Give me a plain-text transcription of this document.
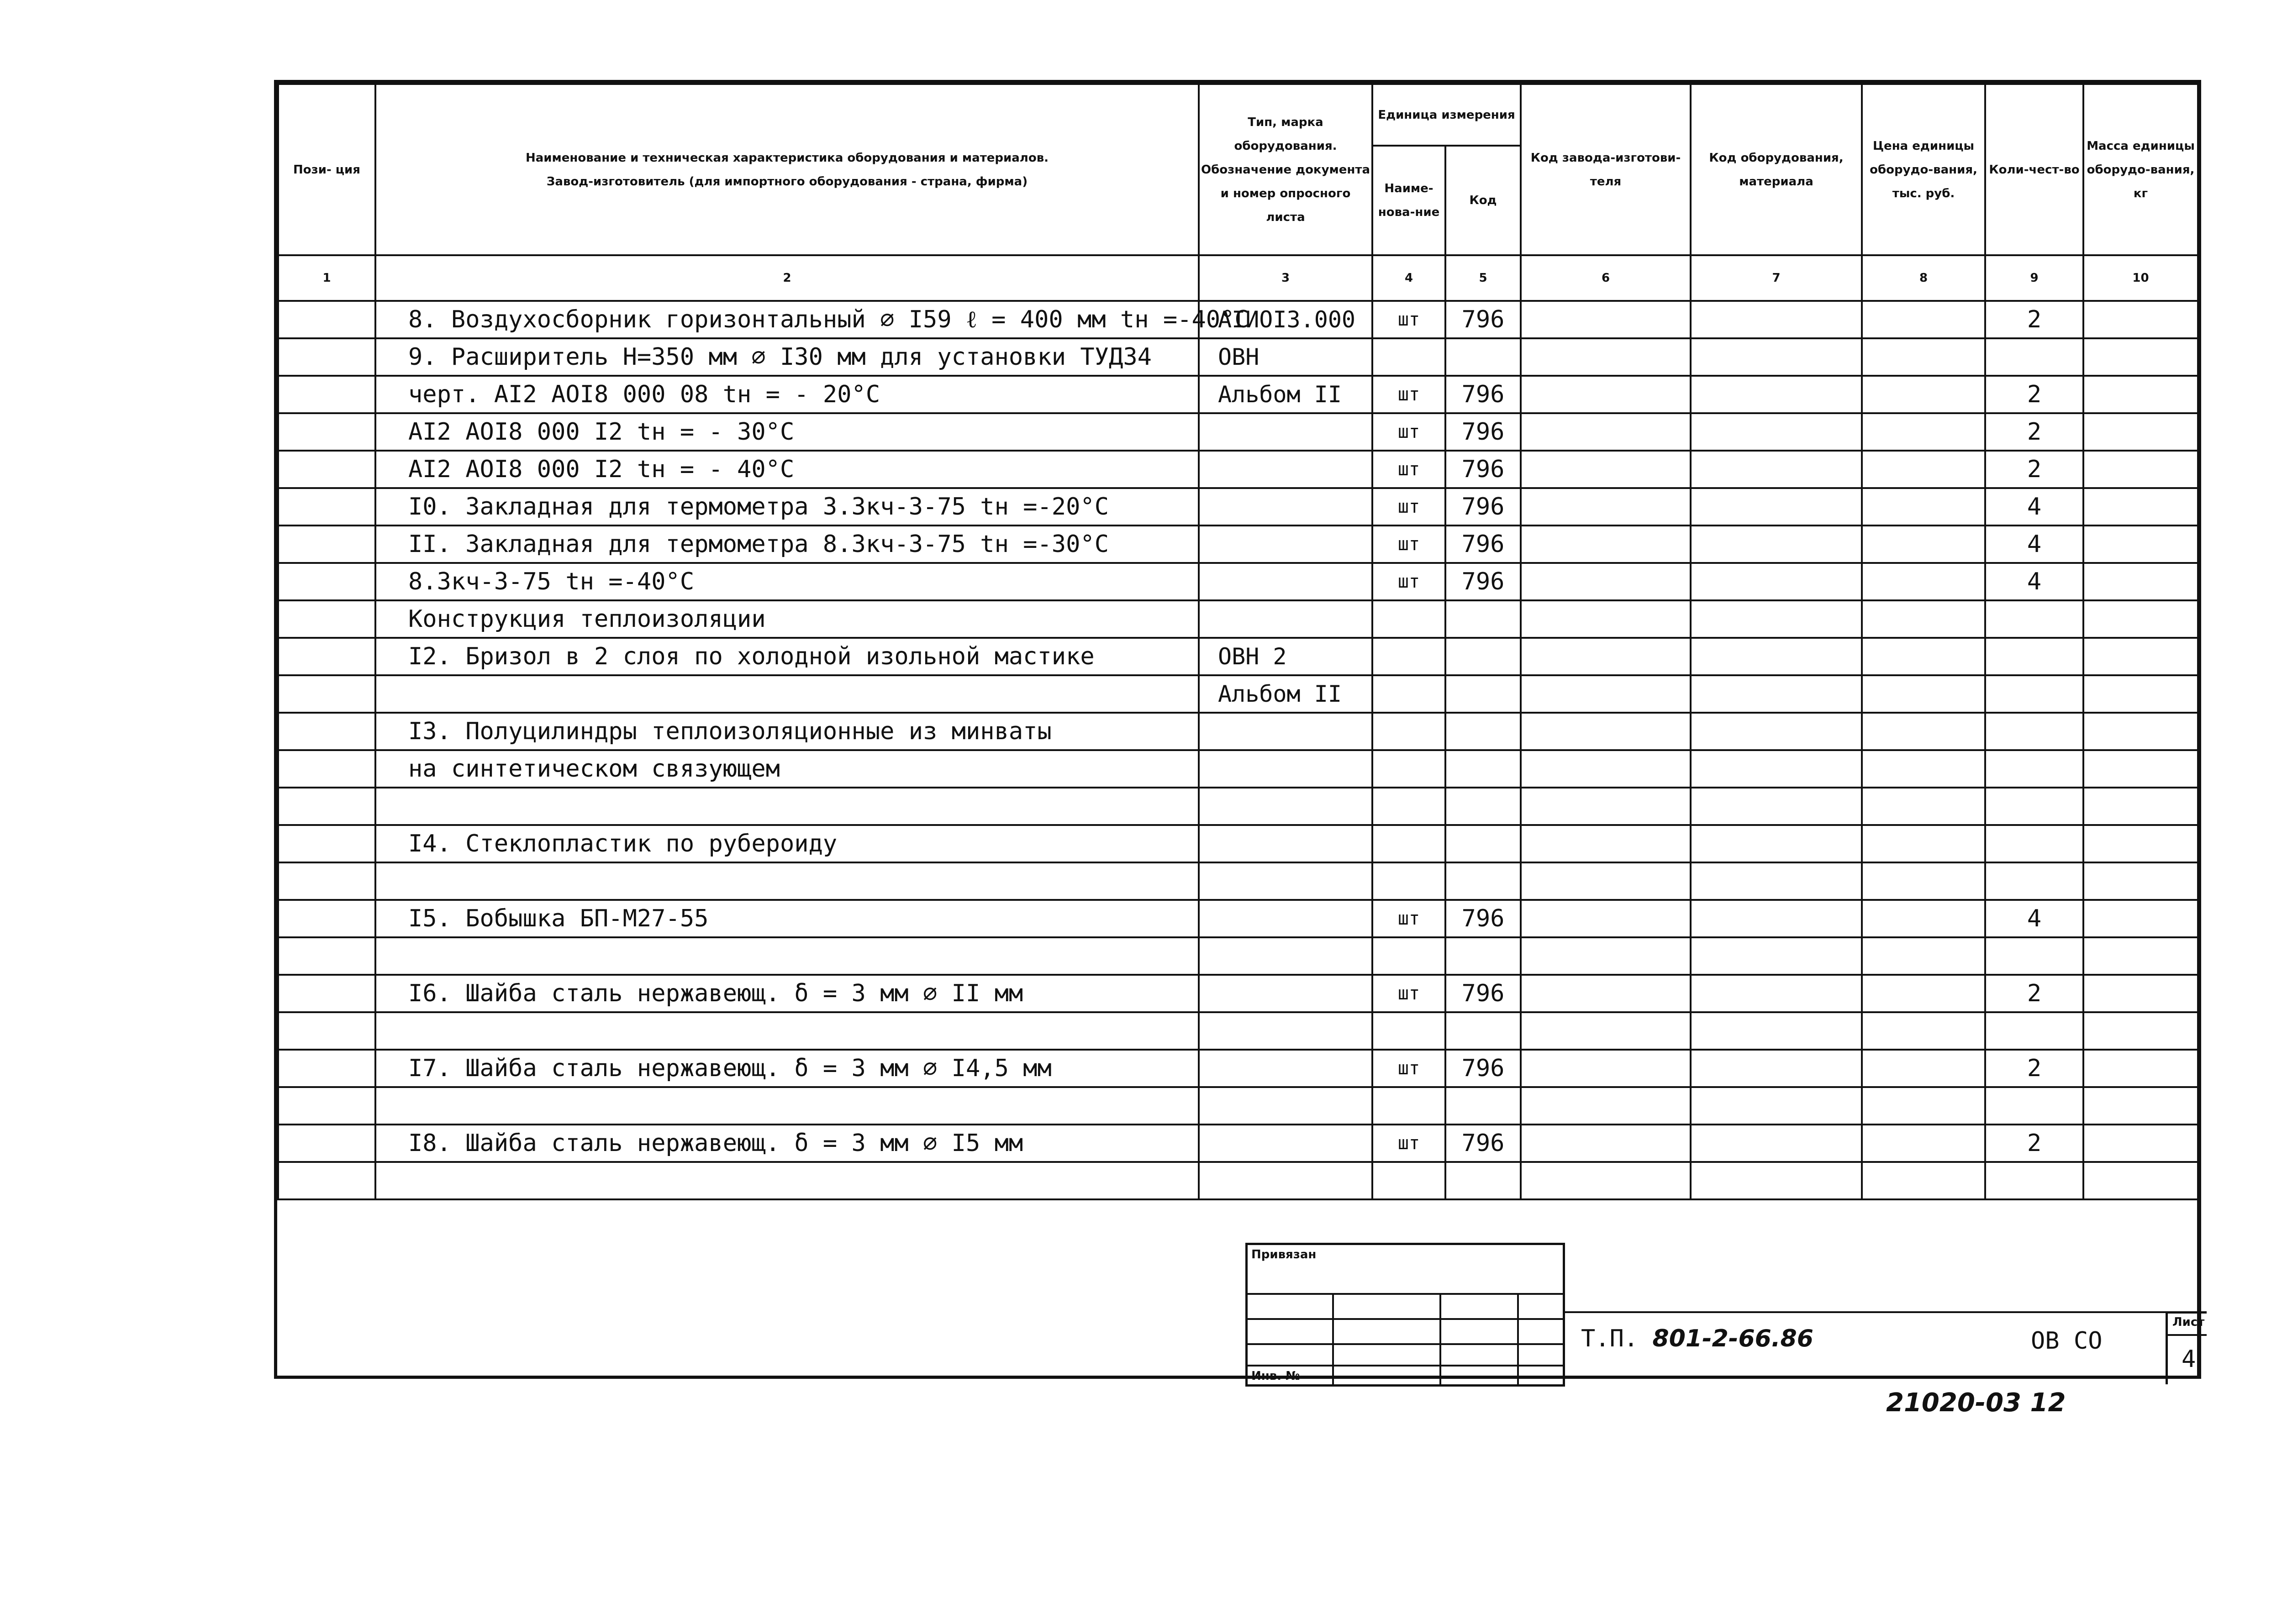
Пози- ция	Наименование и техническая характеристика оборудования и материалов.
Завод-изготовитель (для импортного оборудования - страна, фирма)	Тип, марка оборудования. Обозначение документа и номер опросного листа	Единица измерения		Код завода-изготови-теля	Код оборудования, материала	Цена единицы оборудо-вания, тыс. руб.	Коли-чест-во	Масса единицы оборудо-вания, кг
			Наиме-нова-ние	Код					
1	2	3	4	5	6	7	8	9	10
	8. Воздухосборник горизонтальный ∅ I59 ℓ = 400 мм tн =-40°C	AIИОI3.000	шт	796				2	
	9. Расширитель Н=350 мм ∅ I30 мм для установки ТУД34	ОВН							
	черт. АI2 АОI8 000 08 tн = - 20°C	Альбом II	шт	796				2	
	АI2 АОI8 000 I2 tн = - 30°C		шт	796				2	
	АI2 АОI8 000 I2 tн = - 40°C		шт	796				2	
	I0. Закладная для термометра 3.3кч-3-75 tн =-20°C		шт	796				4	
	II. Закладная для термометра 8.3кч-3-75 tн =-30°C		шт	796				4	
	8.3кч-3-75 tн =-40°C		шт	796				4	
	Конструкция теплоизоляции								
	I2. Бризол в 2 слоя по холодной изольной мастике	ОВН 2							
		Альбом II							
	I3. Полуцилиндры теплоизоляционные из минваты								
	на синтетическом связующем								

	I4. Стеклопластик по рубероиду								

	I5. Бобышка БП-М27-55		шт	796				4	

	I6. Шайба сталь нержавеющ. δ = 3 мм ∅ II мм		шт	796				2	

	I7. Шайба сталь нержавеющ. δ = 3 мм ∅ I4,5 мм		шт	796				2	

	I8. Шайба сталь нержавеющ. δ = 3 мм ∅ I5 мм		шт	796				2	

Привязан
Инв. №
Т.П. 801-2-66.86	ОВ СО
Лист
4
21020-03 12
